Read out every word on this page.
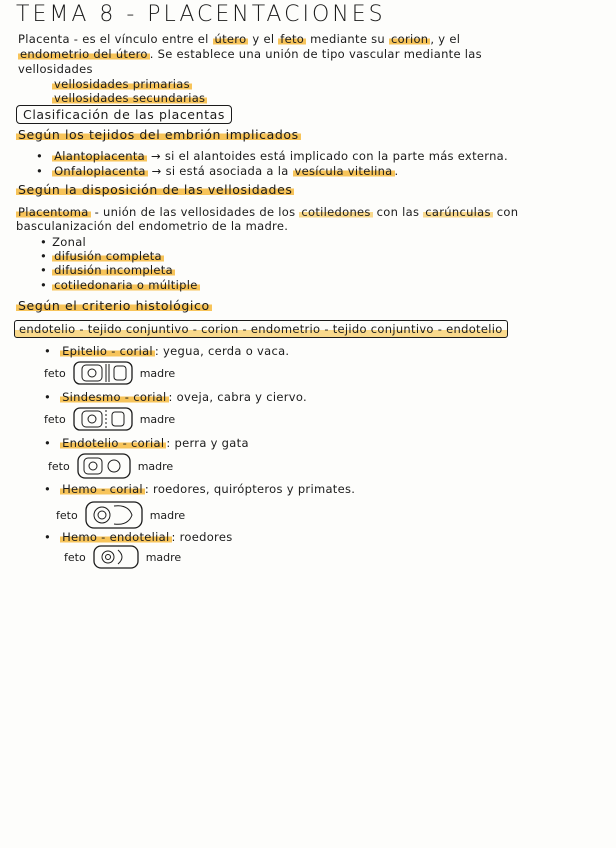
TEMA 8 - PLACENTACIONES
Placenta - es el vínculo entre el útero y el feto mediante su corion , y el
endometrio del útero . Se establece una unión de tipo vascular mediante las
vellosidades
vellosidades primarias
vellosidades secundarias
Clasificación de las placentas
Según los tejidos del embrión implicados
• Alantoplacenta → si el alantoides está implicado con la parte más externa.
• Onfaloplacenta → si está asociada a la vesícula vitelina .
Según la disposición de las vellosidades
Placentoma - unión de las vellosidades de los cotiledones con las carúnculas con
basculanización del endometrio de la madre.
• Zonal
• difusión completa
• difusión incompleta
• cotiledonaria o múltiple
Según el criterio histológico
endotelio - tejido conjuntivo - corion - endometrio - tejido conjuntivo - endotelio
• Epitelio - corial : yegua, cerda o vaca.
feto	madre
• Sindesmo - corial : oveja, cabra y ciervo.
feto	madre
• Endotelio - corial : perra y gata
feto	madre
• Hemo - corial : roedores, quirópteros y primates.
feto	madre
• Hemo - endotelial : roedores
feto	madre
